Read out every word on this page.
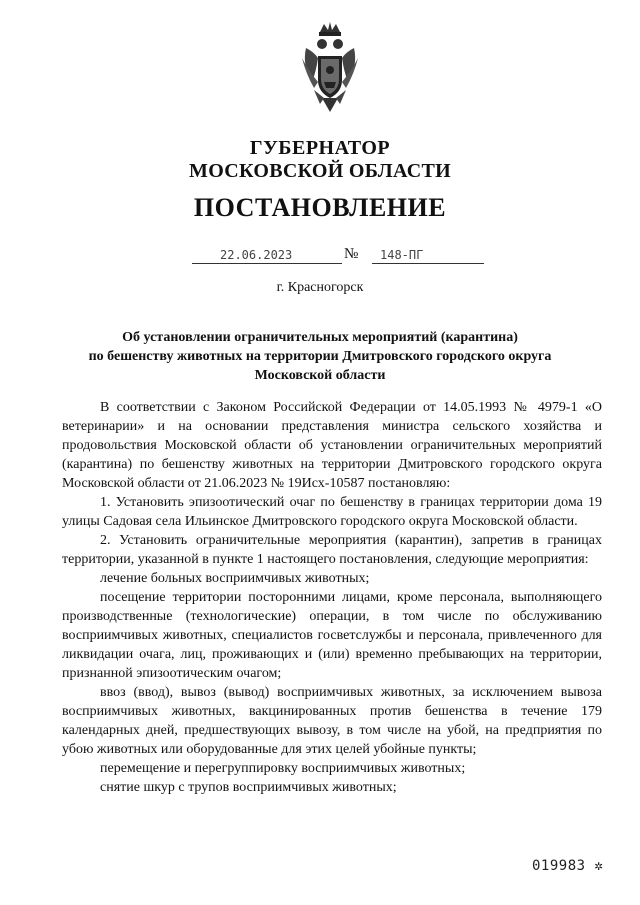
ГУБЕРНАТОР
МОСКОВСКОЙ ОБЛАСТИ
ПОСТАНОВЛЕНИЕ
22.06.2023	№ 148-ПГ
г. Красногорск
Об установлении ограничительных мероприятий (карантина)
по бешенству животных на территории Дмитровского городского округа
Московской области

В соответствии с Законом Российской Федерации от 14.05.1993 № 4979-1 «О ветеринарии» и на основании представления министра сельского хозяйства и продовольствия Московской области об установлении ограничительных мероприятий (карантина) по бешенству животных на территории Дмитровского городского округа Московской области от 21.06.2023 № 19Исх-10587 постановляю:

1. Установить эпизоотический очаг по бешенству в границах территории дома 19 улицы Садовая села Ильинское Дмитровского городского округа Московской области.

2. Установить ограничительные мероприятия (карантин), запретив в границах территории, указанной в пункте 1 настоящего постановления, следующие мероприятия:

лечение больных восприимчивых животных;

посещение территории посторонними лицами, кроме персонала, выполняющего производственные (технологические) операции, в том числе по обслуживанию восприимчивых животных, специалистов госветслужбы и персонала, привлеченного для ликвидации очага, лиц, проживающих и (или) временно пребывающих на территории, признанной эпизоотическим очагом;

ввоз (ввод), вывоз (вывод) восприимчивых животных, за исключением вывоза восприимчивых животных, вакцинированных против бешенства в течение 179 календарных дней, предшествующих вывозу, в том числе на убой, на предприятия по убою животных или оборудованные для этих целей убойные пункты;

перемещение и перегруппировку восприимчивых животных;

снятие шкур с трупов восприимчивых животных;

019983 ✲
